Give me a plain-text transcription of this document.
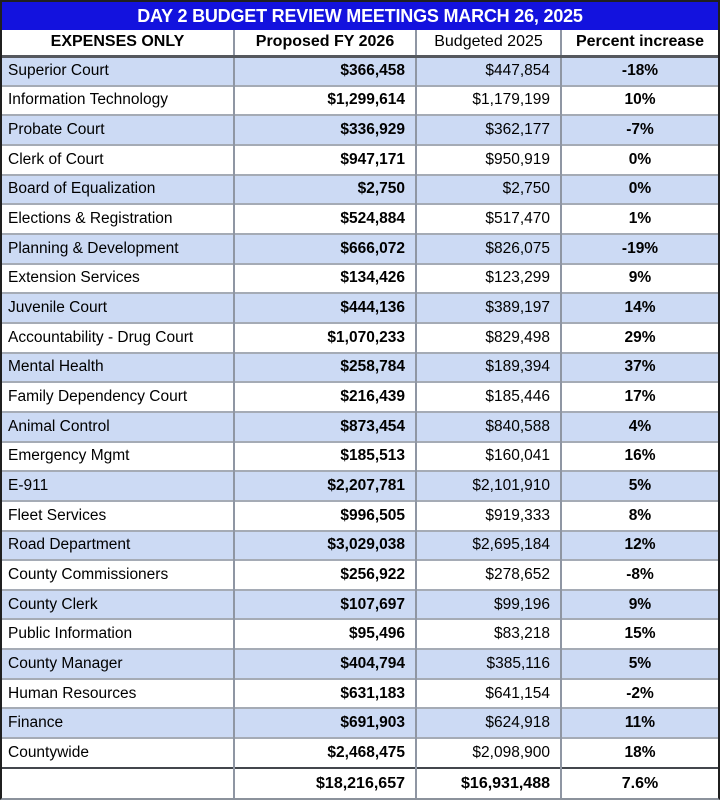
DAY 2 BUDGET REVIEW MEETINGS MARCH 26, 2025
EXPENSES ONLY	Proposed FY 2026	Budgeted 2025	Percent increase
Superior Court	$366,458	$447,854	-18%
Information Technology	$1,299,614	$1,179,199	10%
Probate Court	$336,929	$362,177	-7%
Clerk of Court	$947,171	$950,919	0%
Board of Equalization	$2,750	$2,750	0%
Elections & Registration	$524,884	$517,470	1%
Planning & Development	$666,072	$826,075	-19%
Extension Services	$134,426	$123,299	9%
Juvenile Court	$444,136	$389,197	14%
Accountability - Drug Court	$1,070,233	$829,498	29%
Mental Health	$258,784	$189,394	37%
Family Dependency Court	$216,439	$185,446	17%
Animal Control	$873,454	$840,588	4%
Emergency Mgmt	$185,513	$160,041	16%
E-911	$2,207,781	$2,101,910	5%
Fleet Services	$996,505	$919,333	8%
Road Department	$3,029,038	$2,695,184	12%
County Commissioners	$256,922	$278,652	-8%
County Clerk	$107,697	$99,196	9%
Public Information	$95,496	$83,218	15%
County Manager	$404,794	$385,116	5%
Human Resources	$631,183	$641,154	-2%
Finance	$691,903	$624,918	11%
Countywide	$2,468,475	$2,098,900	18%
	$18,216,657	$16,931,488	7.6%
